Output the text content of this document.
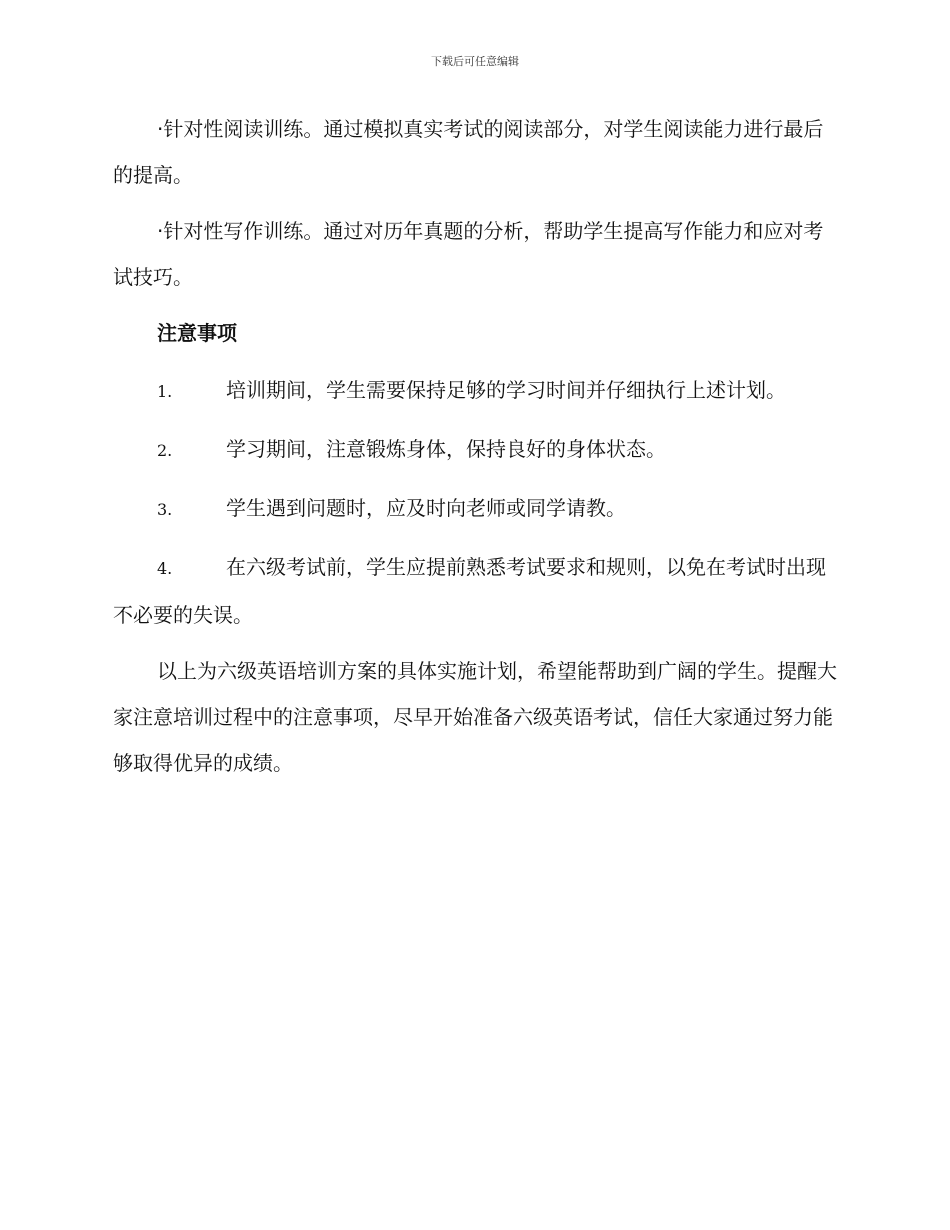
下载后可任意编辑

·针对性阅读训练。通过模拟真实考试的阅读部分，对学生阅读能力进行最后的提高。

·针对性写作训练。通过对历年真题的分析，帮助学生提高写作能力和应对考试技巧。

注意事项

1.	培训期间，学生需要保持足够的学习时间并仔细执行上述计划。

2.	学习期间，注意锻炼身体，保持良好的身体状态。

3.	学生遇到问题时，应及时向老师或同学请教。

4.	在六级考试前，学生应提前熟悉考试要求和规则，以免在考试时出现不必要的失误。

以上为六级英语培训方案的具体实施计划，希望能帮助到广阔的学生。提醒大家注意培训过程中的注意事项，尽早开始准备六级英语考试，信任大家通过努力能够取得优异的成绩。
